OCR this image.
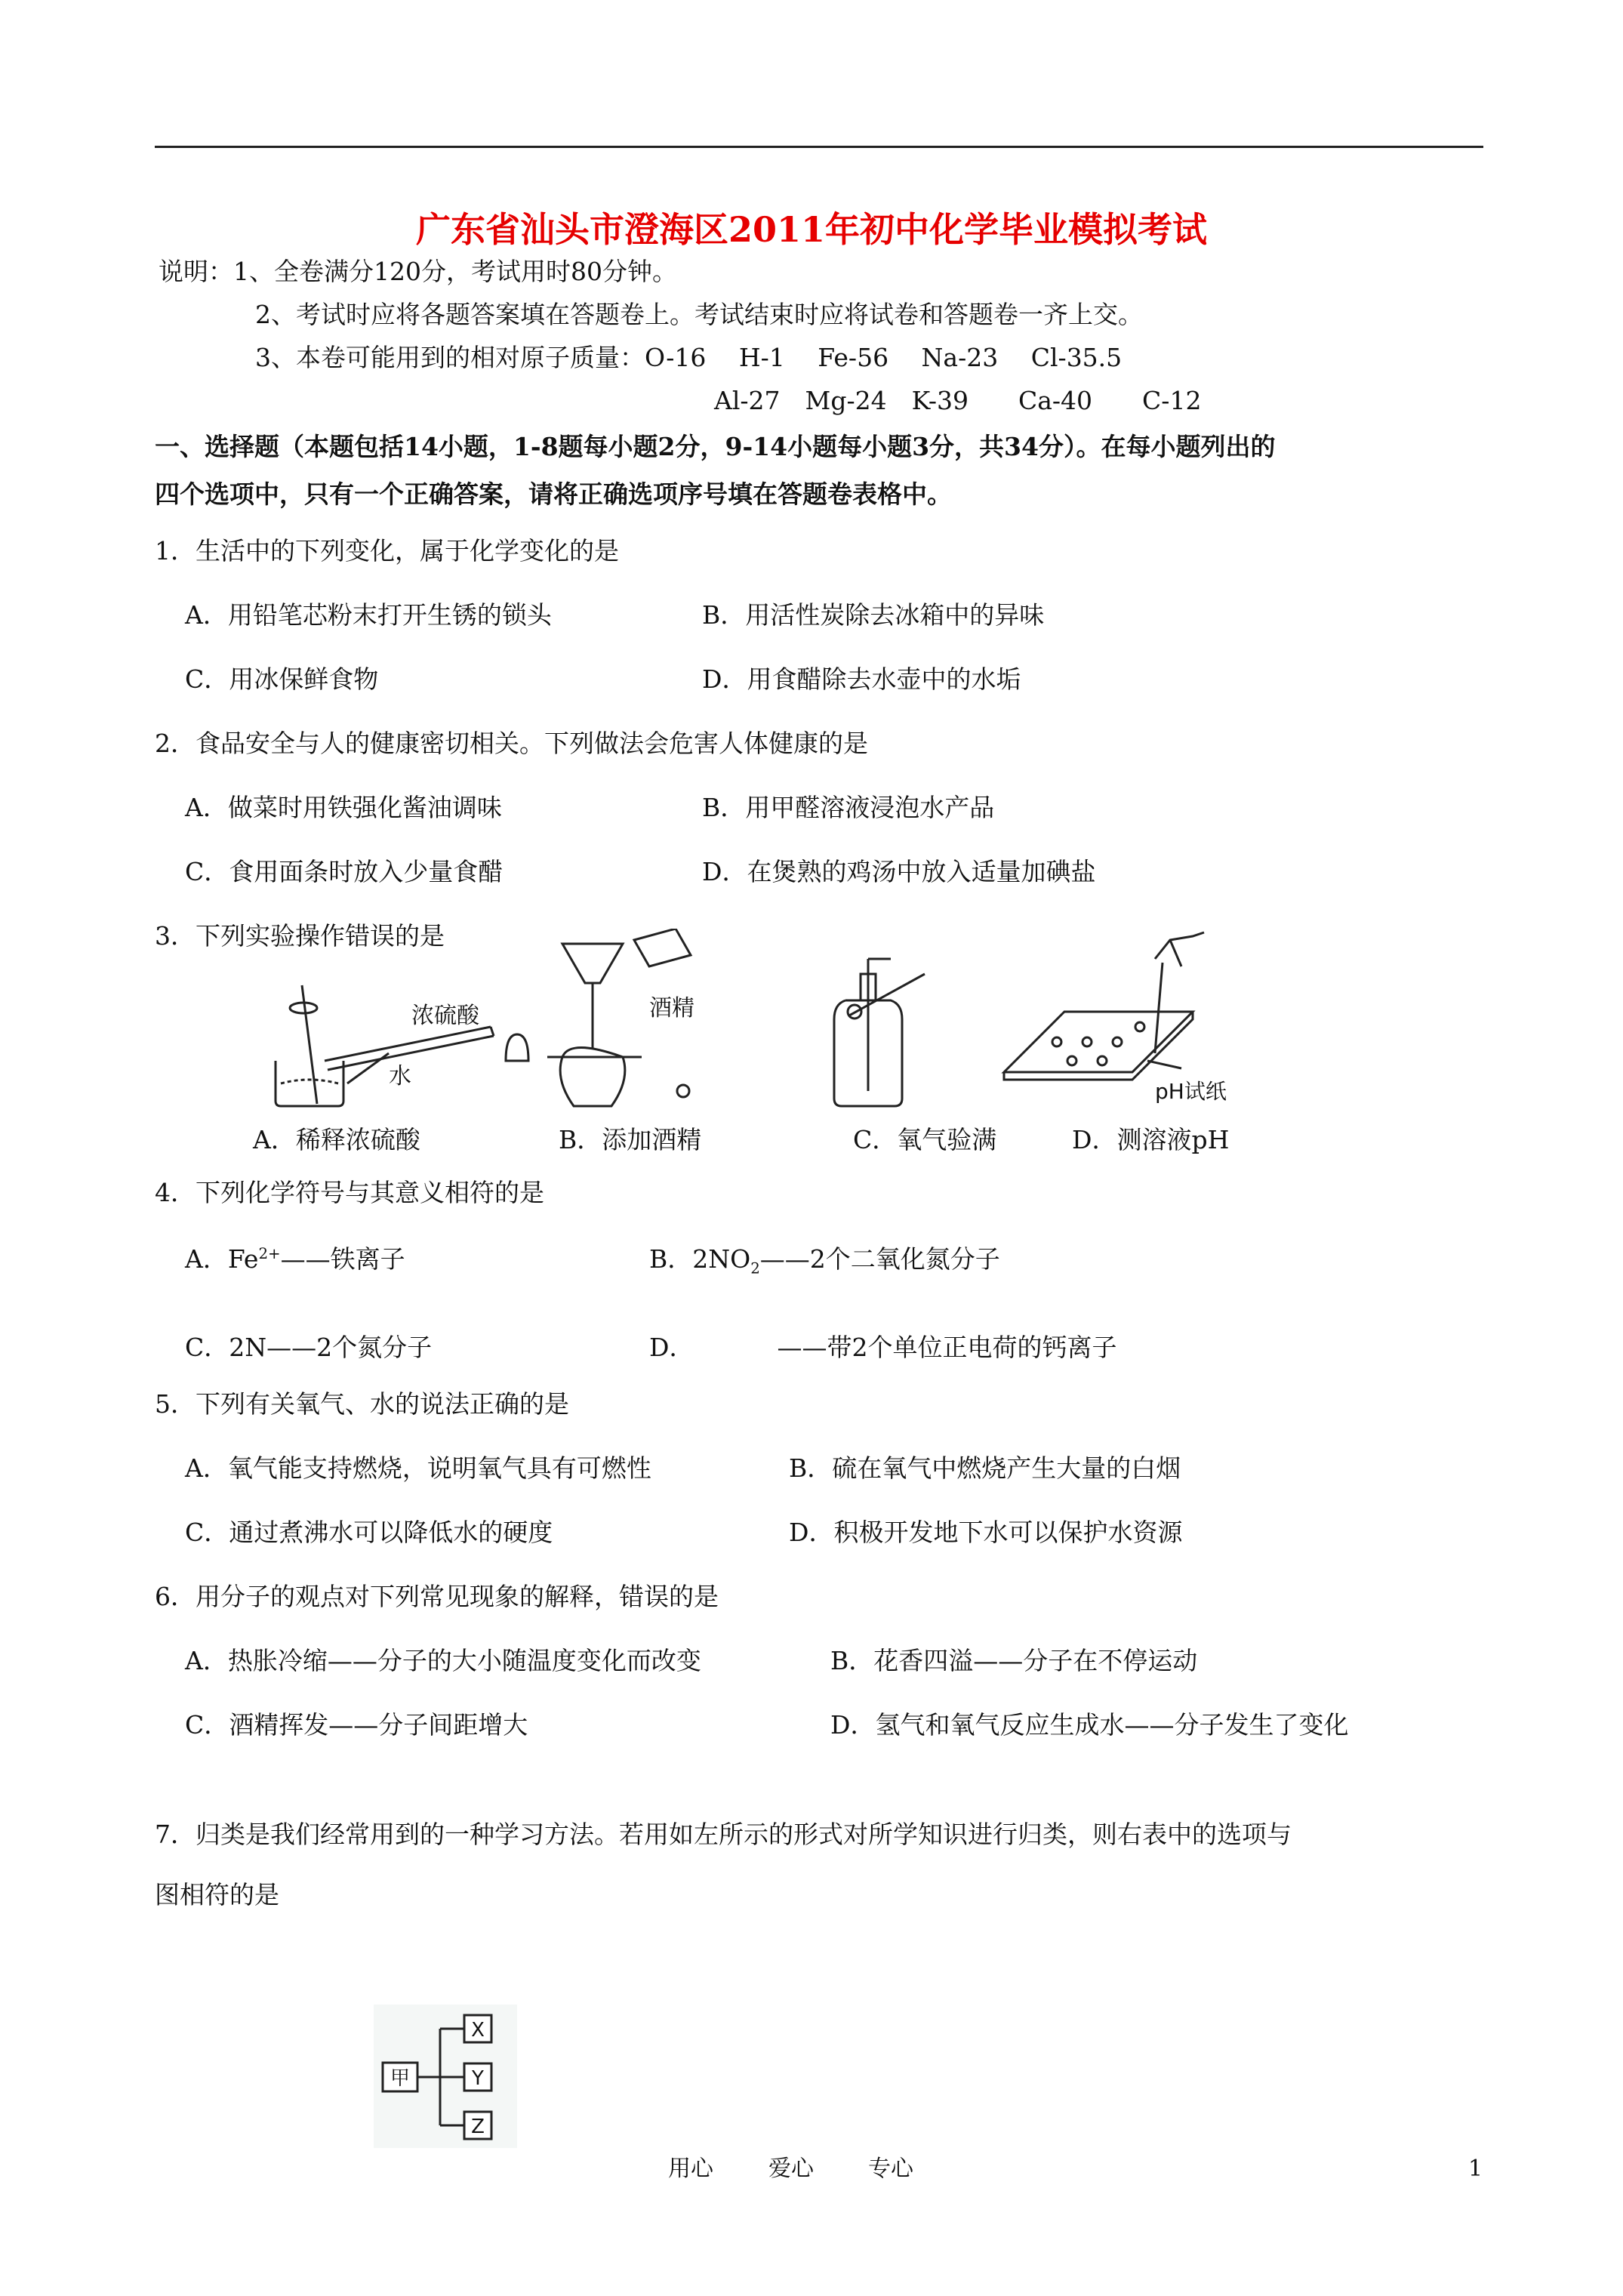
广东省汕头市澄海区2011年初中化学毕业模拟考试
说明：1、全卷满分120分，考试用时80分钟。
2、考试时应将各题答案填在答题卷上。考试结束时应将试卷和答题卷一齐上交。
3、本卷可能用到的相对原子质量：O-16　 H-1　 Fe-56　 Na-23　 Cl-35.5
Al-27　Mg-24　K-39　　Ca-40　　C-12
一、选择题（本题包括14小题，1-8题每小题2分，9-14小题每小题3分，共34分）。在每小题列出的
四个选项中，只有一个正确答案，请将正确选项序号填在答题卷表格中。
1．生活中的下列变化，属于化学变化的是
A．用铅笔芯粉末打开生锈的锁头	B．用活性炭除去冰箱中的异味
C．用冰保鲜食物	D．用食醋除去水壶中的水垢
2．食品安全与人的健康密切相关。下列做法会危害人体健康的是
A．做菜时用铁强化酱油调味	B．用甲醛溶液浸泡水产品
C．食用面条时放入少量食醋	D．在煲熟的鸡汤中放入适量加碘盐
3．下列实验操作错误的是
浓硫酸
水
酒精
pH试纸
A．稀释浓硫酸	B．添加酒精	C．氧气验满	D．测溶液pH
4．下列化学符号与其意义相符的是
A．$Fe^{2+}——$铁离子	B．$2NO_2——2$个二氧化氮分子
C．2N——2个氮分子	D．	——带2个单位正电荷的钙离子
5．下列有关氧气、水的说法正确的是
A．氧气能支持燃烧，说明氧气具有可燃性	B．硫在氧气中燃烧产生大量的白烟
C．通过煮沸水可以降低水的硬度	D．积极开发地下水可以保护水资源
6．用分子的观点对下列常见现象的解释，错误的是
A．热胀冷缩——分子的大小随温度变化而改变	B．花香四溢——分子在不停运动
C．酒精挥发——分子间距增大	D．氢气和氧气反应生成水——分子发生了变化
7．归类是我们经常用到的一种学习方法。若用如左所示的形式对所学知识进行归类，则右表中的选项与
图相符的是
甲
X
Y
Z
用心 爱心 专心	1
